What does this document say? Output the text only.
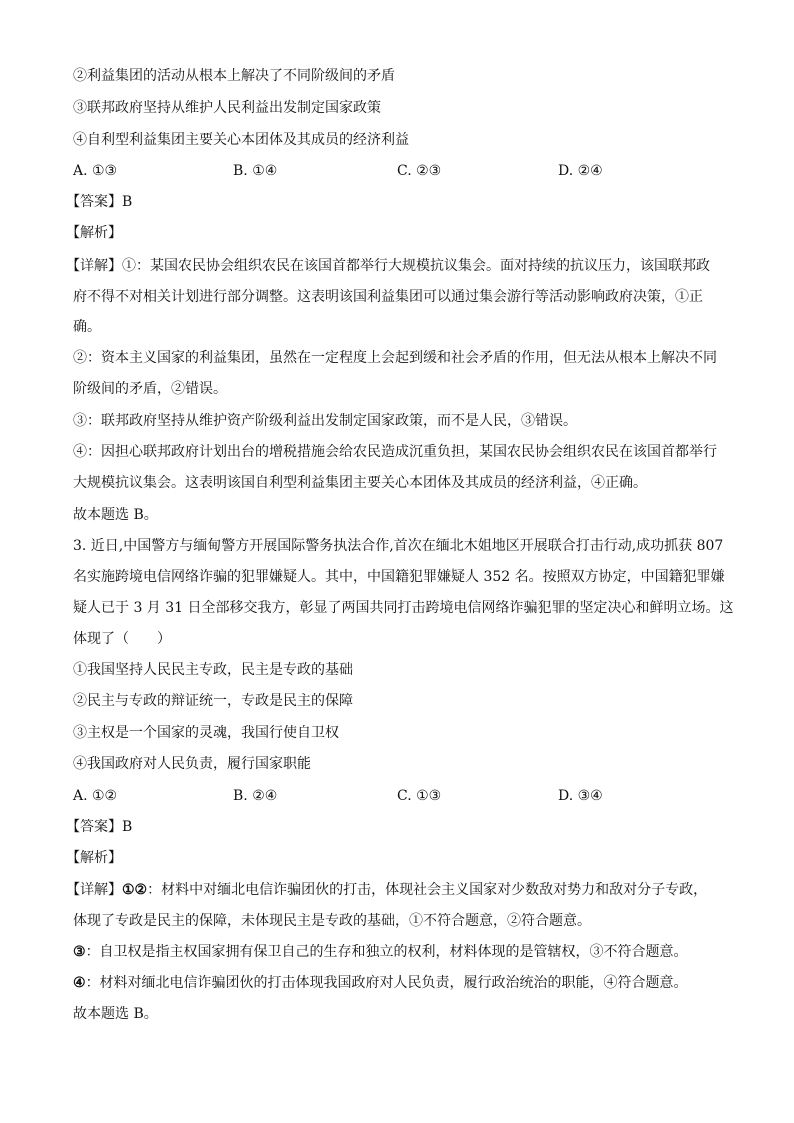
②利益集团的活动从根本上解决了不同阶级间的矛盾
③联邦政府坚持从维护人民利益出发制定国家政策
④自利型利益集团主要关心本团体及其成员的经济利益
A. ①③	B. ①④	C. ②③	D. ②④
【答案】B
【解析】
【详解】①：某国农民协会组织农民在该国首都举行大规模抗议集会。面对持续的抗议压力，该国联邦政
府不得不对相关计划进行部分调整。这表明该国利益集团可以通过集会游行等活动影响政府决策，①正
确。
②：资本主义国家的利益集团，虽然在一定程度上会起到缓和社会矛盾的作用，但无法从根本上解决不同
阶级间的矛盾，②错误。
③：联邦政府坚持从维护资产阶级利益出发制定国家政策，而不是人民，③错误。
④：因担心联邦政府计划出台的增税措施会给农民造成沉重负担，某国农民协会组织农民在该国首都举行
大规模抗议集会。这表明该国自利型利益集团主要关心本团体及其成员的经济利益，④正确。
故本题选 B。
3. 近日,中国警方与缅甸警方开展国际警务执法合作,首次在缅北木姐地区开展联合打击行动,成功抓获 807
名实施跨境电信网络诈骗的犯罪嫌疑人。其中，中国籍犯罪嫌疑人 352 名。按照双方协定，中国籍犯罪嫌
疑人已于 3 月 31 日全部移交我方，彰显了两国共同打击跨境电信网络诈骗犯罪的坚定决心和鲜明立场。这
体现了（　　）
①我国坚持人民民主专政，民主是专政的基础
②民主与专政的辩证统一，专政是民主的保障
③主权是一个国家的灵魂，我国行使自卫权
④我国政府对人民负责，履行国家职能
A. ①②	B. ②④	C. ①③	D. ③④
【答案】B
【解析】
【详解】①②：材料中对缅北电信诈骗团伙的打击，体现社会主义国家对少数敌对势力和敌对分子专政，
体现了专政是民主的保障，未体现民主是专政的基础，①不符合题意，②符合题意。
③：自卫权是指主权国家拥有保卫自己的生存和独立的权利，材料体现的是管辖权，③不符合题意。
④：材料对缅北电信诈骗团伙的打击体现我国政府对人民负责，履行政治统治的职能，④符合题意。
故本题选 B。
